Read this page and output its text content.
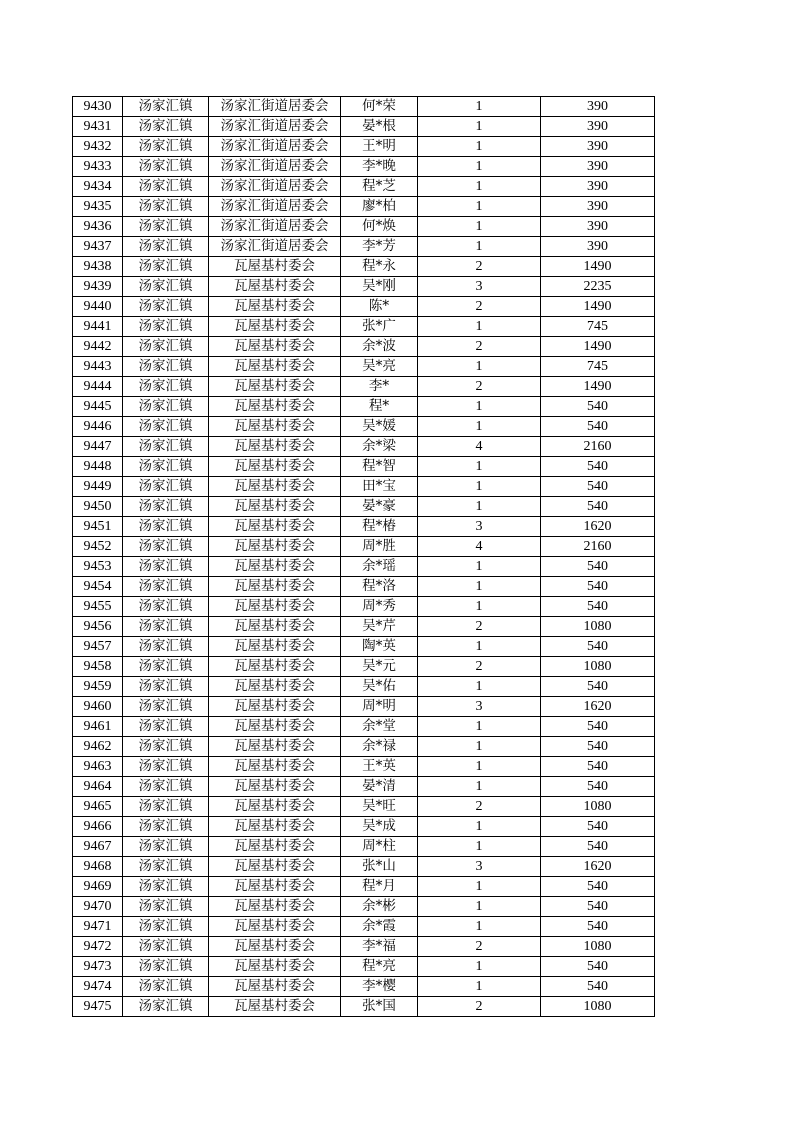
9430	汤家汇镇	汤家汇街道居委会	何*荣	1	390
9431	汤家汇镇	汤家汇街道居委会	晏*根	1	390
9432	汤家汇镇	汤家汇街道居委会	王*明	1	390
9433	汤家汇镇	汤家汇街道居委会	李*晚	1	390
9434	汤家汇镇	汤家汇街道居委会	程*芝	1	390
9435	汤家汇镇	汤家汇街道居委会	廖*柏	1	390
9436	汤家汇镇	汤家汇街道居委会	何*焕	1	390
9437	汤家汇镇	汤家汇街道居委会	李*芳	1	390
9438	汤家汇镇	瓦屋基村委会	程*永	2	1490
9439	汤家汇镇	瓦屋基村委会	吴*刚	3	2235
9440	汤家汇镇	瓦屋基村委会	陈*	2	1490
9441	汤家汇镇	瓦屋基村委会	张*广	1	745
9442	汤家汇镇	瓦屋基村委会	余*波	2	1490
9443	汤家汇镇	瓦屋基村委会	吴*亮	1	745
9444	汤家汇镇	瓦屋基村委会	李*	2	1490
9445	汤家汇镇	瓦屋基村委会	程*	1	540
9446	汤家汇镇	瓦屋基村委会	吴*媛	1	540
9447	汤家汇镇	瓦屋基村委会	余*梁	4	2160
9448	汤家汇镇	瓦屋基村委会	程*智	1	540
9449	汤家汇镇	瓦屋基村委会	田*宝	1	540
9450	汤家汇镇	瓦屋基村委会	晏*豪	1	540
9451	汤家汇镇	瓦屋基村委会	程*椿	3	1620
9452	汤家汇镇	瓦屋基村委会	周*胜	4	2160
9453	汤家汇镇	瓦屋基村委会	余*瑶	1	540
9454	汤家汇镇	瓦屋基村委会	程*洛	1	540
9455	汤家汇镇	瓦屋基村委会	周*秀	1	540
9456	汤家汇镇	瓦屋基村委会	吴*芹	2	1080
9457	汤家汇镇	瓦屋基村委会	陶*英	1	540
9458	汤家汇镇	瓦屋基村委会	吴*元	2	1080
9459	汤家汇镇	瓦屋基村委会	吴*佑	1	540
9460	汤家汇镇	瓦屋基村委会	周*明	3	1620
9461	汤家汇镇	瓦屋基村委会	余*堂	1	540
9462	汤家汇镇	瓦屋基村委会	余*禄	1	540
9463	汤家汇镇	瓦屋基村委会	王*英	1	540
9464	汤家汇镇	瓦屋基村委会	晏*清	1	540
9465	汤家汇镇	瓦屋基村委会	吴*旺	2	1080
9466	汤家汇镇	瓦屋基村委会	吴*成	1	540
9467	汤家汇镇	瓦屋基村委会	周*柱	1	540
9468	汤家汇镇	瓦屋基村委会	张*山	3	1620
9469	汤家汇镇	瓦屋基村委会	程*月	1	540
9470	汤家汇镇	瓦屋基村委会	余*彬	1	540
9471	汤家汇镇	瓦屋基村委会	余*霞	1	540
9472	汤家汇镇	瓦屋基村委会	李*福	2	1080
9473	汤家汇镇	瓦屋基村委会	程*亮	1	540
9474	汤家汇镇	瓦屋基村委会	李*樱	1	540
9475	汤家汇镇	瓦屋基村委会	张*国	2	1080
